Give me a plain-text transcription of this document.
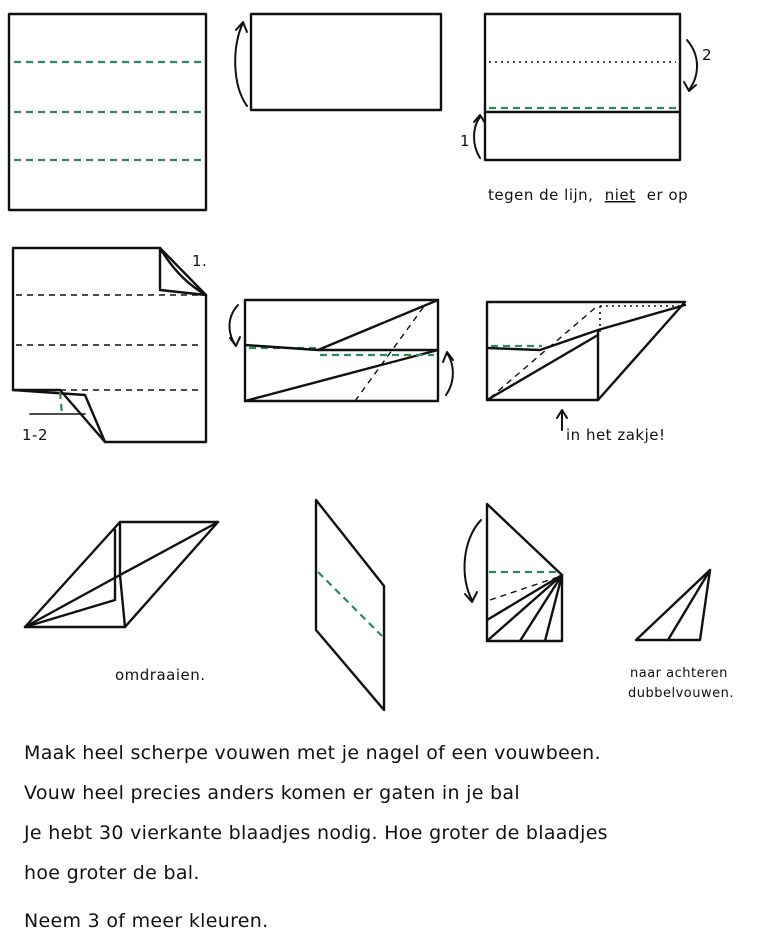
2
1
tegen de lijn, niet er op
1.
1-2	in het zakje!
omdraaien.	naar achteren
dubbelvouwen.
Maak heel scherpe vouwen met je nagel of een vouwbeen.
Vouw heel precies anders komen er gaten in je bal
Je hebt 30 vierkante blaadjes nodig. Hoe groter de blaadjes
hoe groter de bal.
Neem 3 of meer kleuren.
